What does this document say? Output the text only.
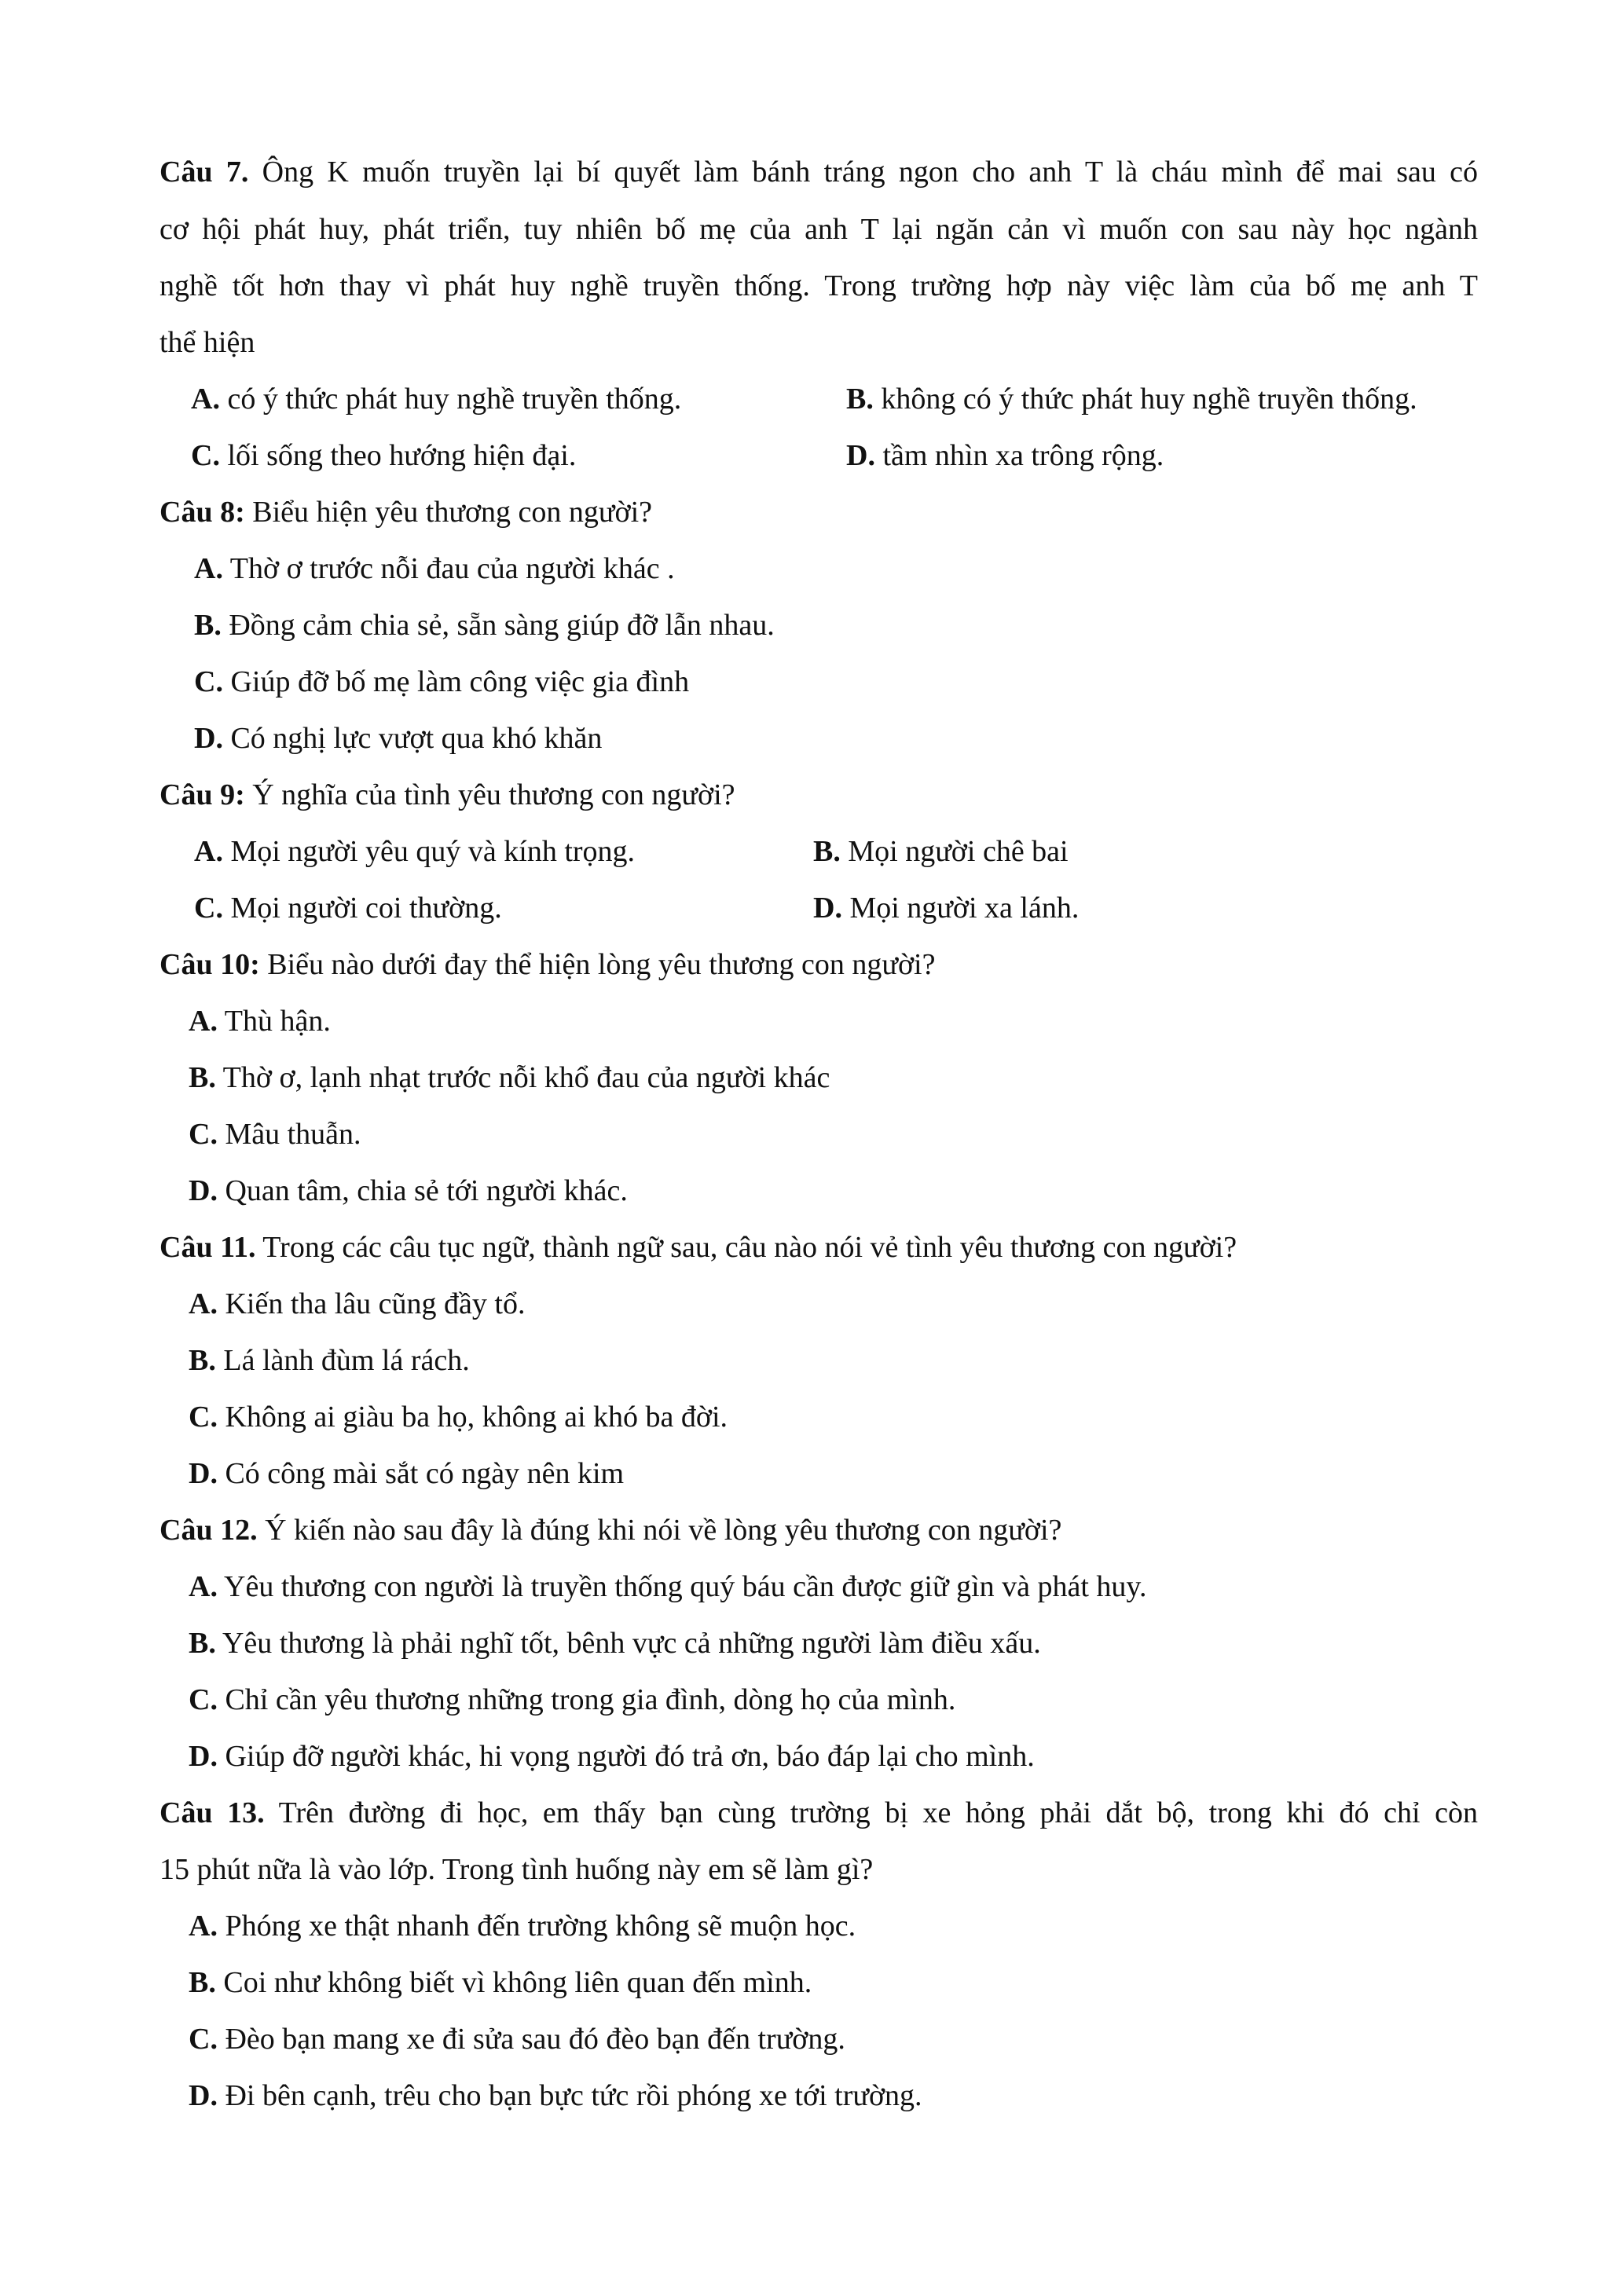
Câu 7. Ông K muốn truyền lại bí quyết làm bánh tráng ngon cho anh T là cháu mình để mai sau có
cơ hội phát huy, phát triển, tuy nhiên bố mẹ của anh T lại ngăn cản vì muốn con sau này học ngành
nghề tốt hơn thay vì phát huy nghề truyền thống. Trong trường hợp này việc làm của bố mẹ anh T
thể hiện
A. có ý thức phát huy nghề truyền thống.	B. không có ý thức phát huy nghề truyền thống.
C. lối sống theo hướng hiện đại.	D. tầm nhìn xa trông rộng.
Câu 8: Biểu hiện yêu thương con người?
A. Thờ ơ trước nỗi đau của người khác .
B. Đồng cảm chia sẻ, sẵn sàng giúp đỡ lẫn nhau.
C. Giúp đỡ bố mẹ làm công việc gia đình
D. Có nghị lực vượt qua khó khăn
Câu 9: Ý nghĩa của tình yêu thương con người?
A. Mọi người yêu quý và kính trọng.	B. Mọi người chê bai
C. Mọi người coi thường.	D. Mọi người xa lánh.
Câu 10: Biểu nào dưới đay thể hiện lòng yêu thương con người?
A. Thù hận.
B. Thờ ơ, lạnh nhạt trước nỗi khổ đau của người khác
C. Mâu thuẫn.
D. Quan tâm, chia sẻ tới người khác.
Câu 11. Trong các câu tục ngữ, thành ngữ sau, câu nào nói vẻ tình yêu thương con người?
A. Kiến tha lâu cũng đầy tổ.
B. Lá lành đùm lá rách.
C. Không ai giàu ba họ, không ai khó ba đời.
D. Có công mài sắt có ngày nên kim
Câu 12. Ý kiến nào sau đây là đúng khi nói về lòng yêu thương con người?
A. Yêu thương con người là truyền thống quý báu cần được giữ gìn và phát huy.
B. Yêu thương là phải nghĩ tốt, bênh vực cả những người làm điều xấu.
C. Chỉ cần yêu thương những trong gia đình, dòng họ của mình.
D. Giúp đỡ người khác, hi vọng người đó trả ơn, báo đáp lại cho mình.
Câu 13. Trên đường đi học, em thấy bạn cùng trường bị xe hỏng phải dắt bộ, trong khi đó chỉ còn
15 phút nữa là vào lớp. Trong tình huống này em sẽ làm gì?
A. Phóng xe thật nhanh đến trường không sẽ muộn học.
B. Coi như không biết vì không liên quan đến mình.
C. Đèo bạn mang xe đi sửa sau đó đèo bạn đến trường.
D. Đi bên cạnh, trêu cho bạn bực tức rồi phóng xe tới trường.
